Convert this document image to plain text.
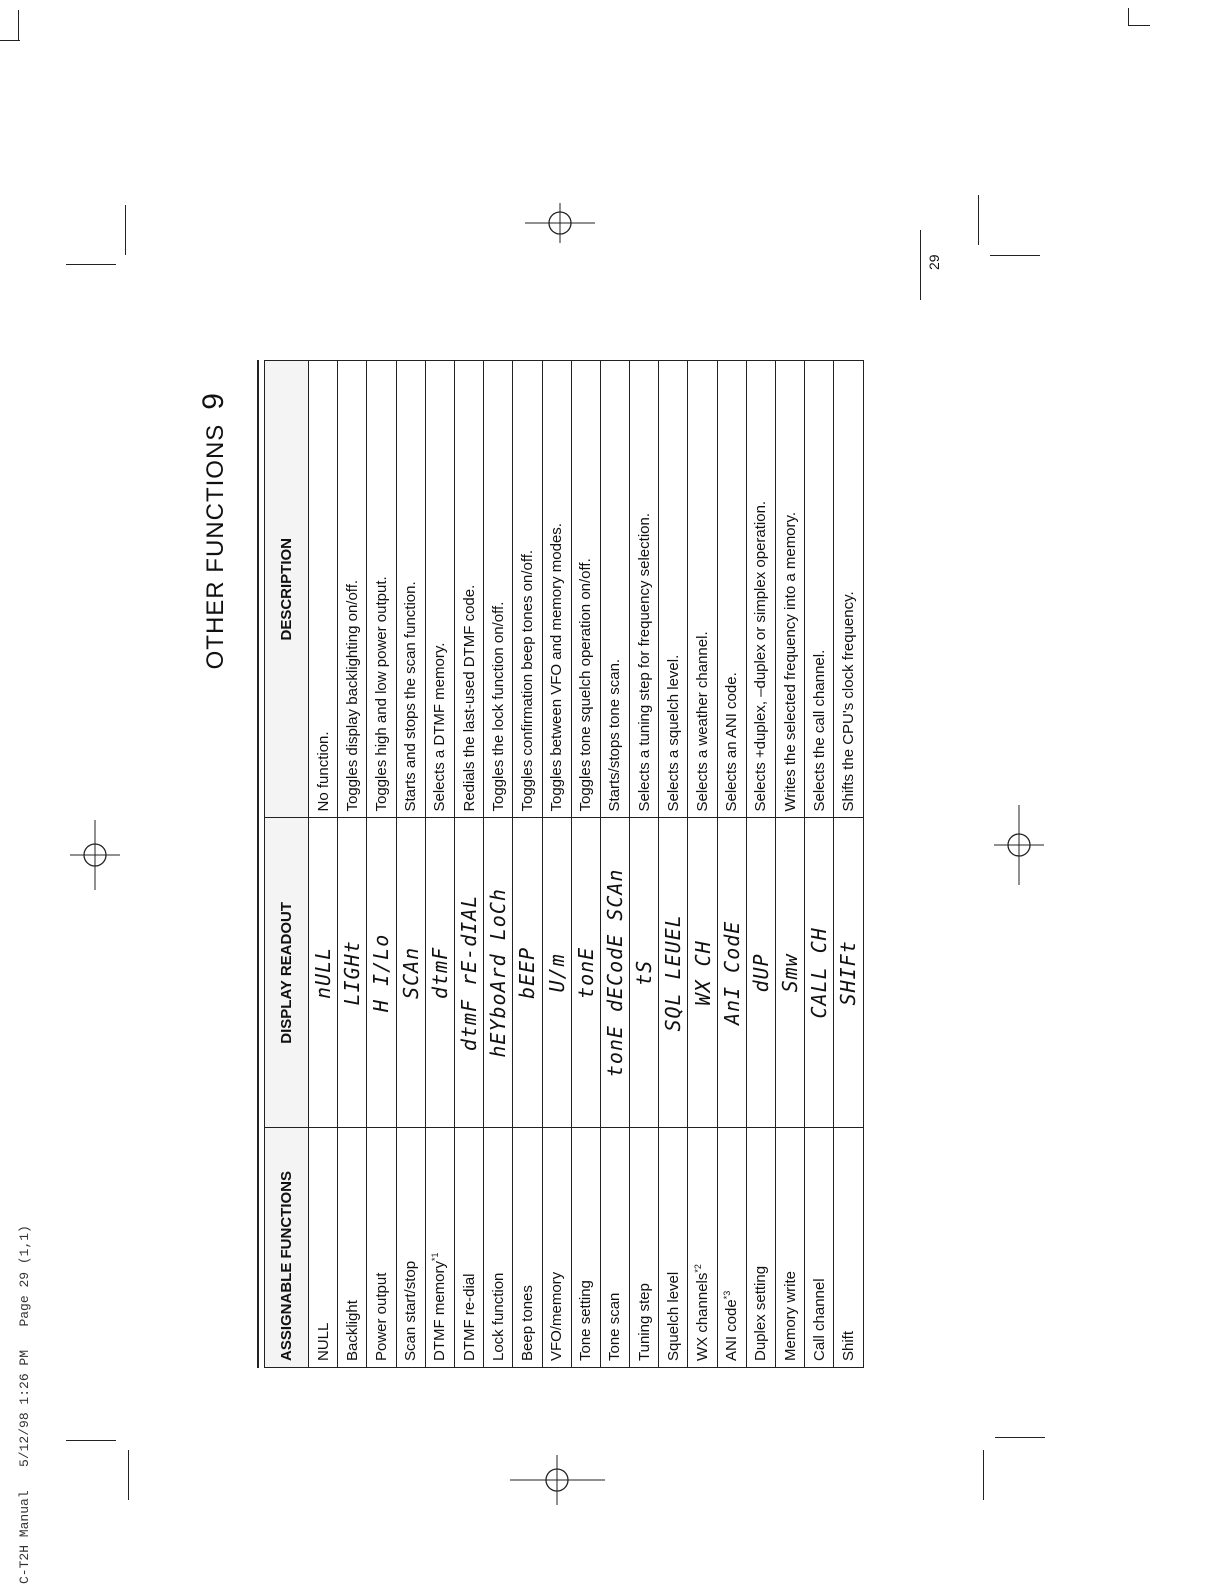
C-T2H Manual   5/12/98 1:26 PM   Page 29 (1,1)
29
OTHER FUNCTIONS9
ASSIGNABLE FUNCTIONS	DISPLAY READOUT	DESCRIPTION
NULL	nULL	No function.
Backlight	LIGHt	Toggles display backlighting on/off.
Power output	H I/Lo	Toggles high and low power output.
Scan start/stop	SCAn	Starts and stops the scan function.
DTMF memory$^{*1}$	dtmF	Selects a DTMF memory.
DTMF re-dial	dtmF rE-dIAL	Redials the last-used DTMF code.
Lock function	hEYboArd LoCh	Toggles the lock function on/off.
Beep tones	bEEP	Toggles confirmation beep tones on/off.
VFO/memory	U/m	Toggles between VFO and memory modes.
Tone setting	tonE	Toggles tone squelch operation on/off.
Tone scan	tonE dECodE SCAn	Starts/stops tone scan.
Tuning step	tS	Selects a tuning step for frequency selection.
Squelch level	SQL LEUEL	Selects a squelch level.
WX channels$^{*2}$	WX CH	Selects a weather channel.
ANI code$^{*3}$	AnI CodE	Selects an ANI code.
Duplex setting	dUP	Selects +duplex, –duplex or simplex operation.
Memory write	Smw	Writes the selected frequency into a memory.
Call channel	CALL CH	Selects the call channel.
Shift	SHIFt	Shifts the CPU's clock frequency.
